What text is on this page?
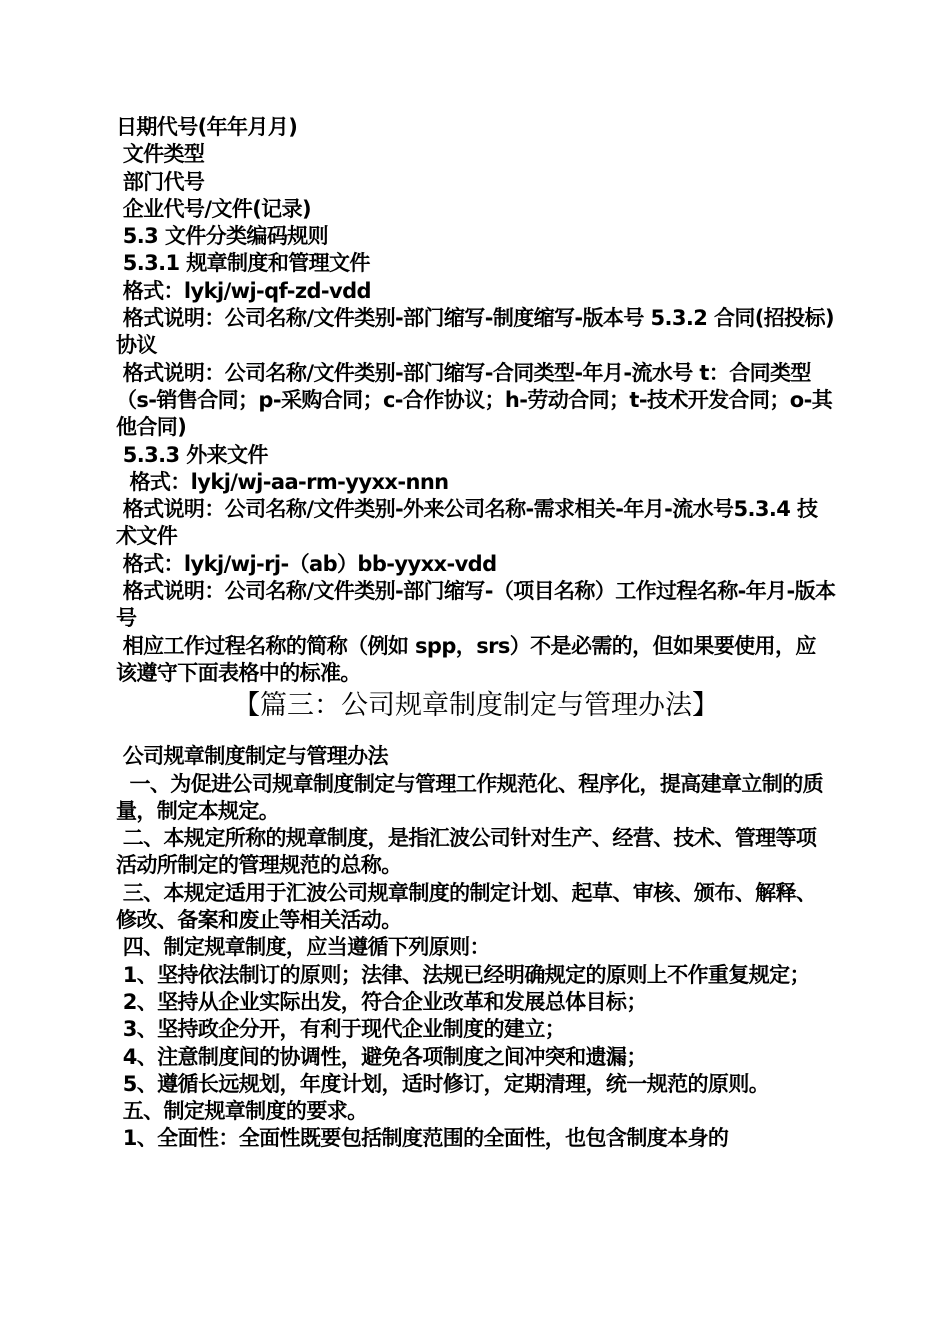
日期代号(年年月月)

文件类型

部门代号

企业代号/文件(记录)

5.3 文件分类编码规则

5.3.1 规章制度和管理文件

格式：lykj/wj-qf-zd-vdd

格式说明：公司名称/文件类别-部门缩写-制度缩写-版本号 5.3.2 合同(招投标)协议

格式说明：公司名称/文件类别-部门缩写-合同类型-年月-流水号 t：合同类型（s-销售合同；p-采购合同；c-合作协议；h-劳动合同；t-技术开发合同；o-其他合同)

5.3.3 外来文件

格式：lykj/wj-aa-rm-yyxx-nnn

格式说明：公司名称/文件类别-外来公司名称-需求相关-年月-流水号5.3.4 技术文件

格式：lykj/wj-rj-（ab）bb-yyxx-vdd

格式说明：公司名称/文件类别-部门缩写-（项目名称）工作过程名称-年月-版本号

相应工作过程名称的简称（例如 spp，srs）不是必需的，但如果要使用，应该遵守下面表格中的标准。

【篇三：公司规章制度制定与管理办法】

公司规章制度制定与管理办法

一、为促进公司规章制度制定与管理工作规范化、程序化，提高建章立制的质量，制定本规定。

二、本规定所称的规章制度，是指汇波公司针对生产、经营、技术、管理等项活动所制定的管理规范的总称。

三、本规定适用于汇波公司规章制度的制定计划、起草、审核、颁布、解释、修改、备案和废止等相关活动。

四、制定规章制度，应当遵循下列原则：

1、坚持依法制订的原则；法律、法规已经明确规定的原则上不作重复规定；

2、坚持从企业实际出发，符合企业改革和发展总体目标；

3、坚持政企分开，有利于现代企业制度的建立；

4、注意制度间的协调性，避免各项制度之间冲突和遗漏；

5、遵循长远规划，年度计划，适时修订，定期清理，统一规范的原则。

五、制定规章制度的要求。

1、全面性：全面性既要包括制度范围的全面性，也包含制度本身的
